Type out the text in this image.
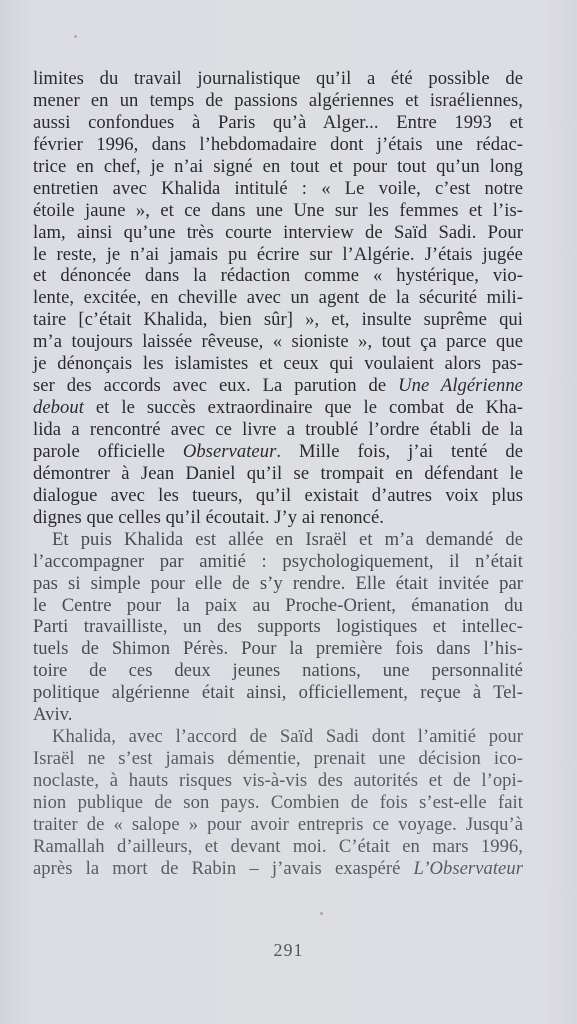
limites du travail journalistique qu’il a été possible de
mener en un temps de passions algériennes et israéliennes,
aussi confondues à Paris qu’à Alger... Entre 1993 et
février 1996, dans l’hebdomadaire dont j’étais une rédac-
trice en chef, je n’ai signé en tout et pour tout qu’un long
entretien avec Khalida intitulé : « Le voile, c’est notre
étoile jaune », et ce dans une Une sur les femmes et l’is-
lam, ainsi qu’une très courte interview de Saïd Sadi. Pour
le reste, je n’ai jamais pu écrire sur l’Algérie. J’étais jugée
et dénoncée dans la rédaction comme « hystérique, vio-
lente, excitée, en cheville avec un agent de la sécurité mili-
taire [c’était Khalida, bien sûr] », et, insulte suprême qui
m’a toujours laissée rêveuse, « sioniste », tout ça parce que
je dénonçais les islamistes et ceux qui voulaient alors pas-
ser des accords avec eux. La parution de Une Algérienne
debout et le succès extraordinaire que le combat de Kha-
lida a rencontré avec ce livre a troublé l’ordre établi de la
parole officielle Observateur. Mille fois, j’ai tenté de
démontrer à Jean Daniel qu’il se trompait en défendant le
dialogue avec les tueurs, qu’il existait d’autres voix plus
dignes que celles qu’il écoutait. J’y ai renoncé.
Et puis Khalida est allée en Israël et m’a demandé de
l’accompagner par amitié : psychologiquement, il n’était
pas si simple pour elle de s’y rendre. Elle était invitée par
le Centre pour la paix au Proche-Orient, émanation du
Parti travailliste, un des supports logistiques et intellec-
tuels de Shimon Pérès. Pour la première fois dans l’his-
toire de ces deux jeunes nations, une personnalité
politique algérienne était ainsi, officiellement, reçue à Tel-
Aviv.
Khalida, avec l’accord de Saïd Sadi dont l’amitié pour
Israël ne s’est jamais démentie, prenait une décision ico-
noclaste, à hauts risques vis-à-vis des autorités et de l’opi-
nion publique de son pays. Combien de fois s’est-elle fait
traiter de « salope » pour avoir entrepris ce voyage. Jusqu’à
Ramallah d’ailleurs, et devant moi. C’était en mars 1996,
après la mort de Rabin – j’avais exaspéré L’Observateur
291
